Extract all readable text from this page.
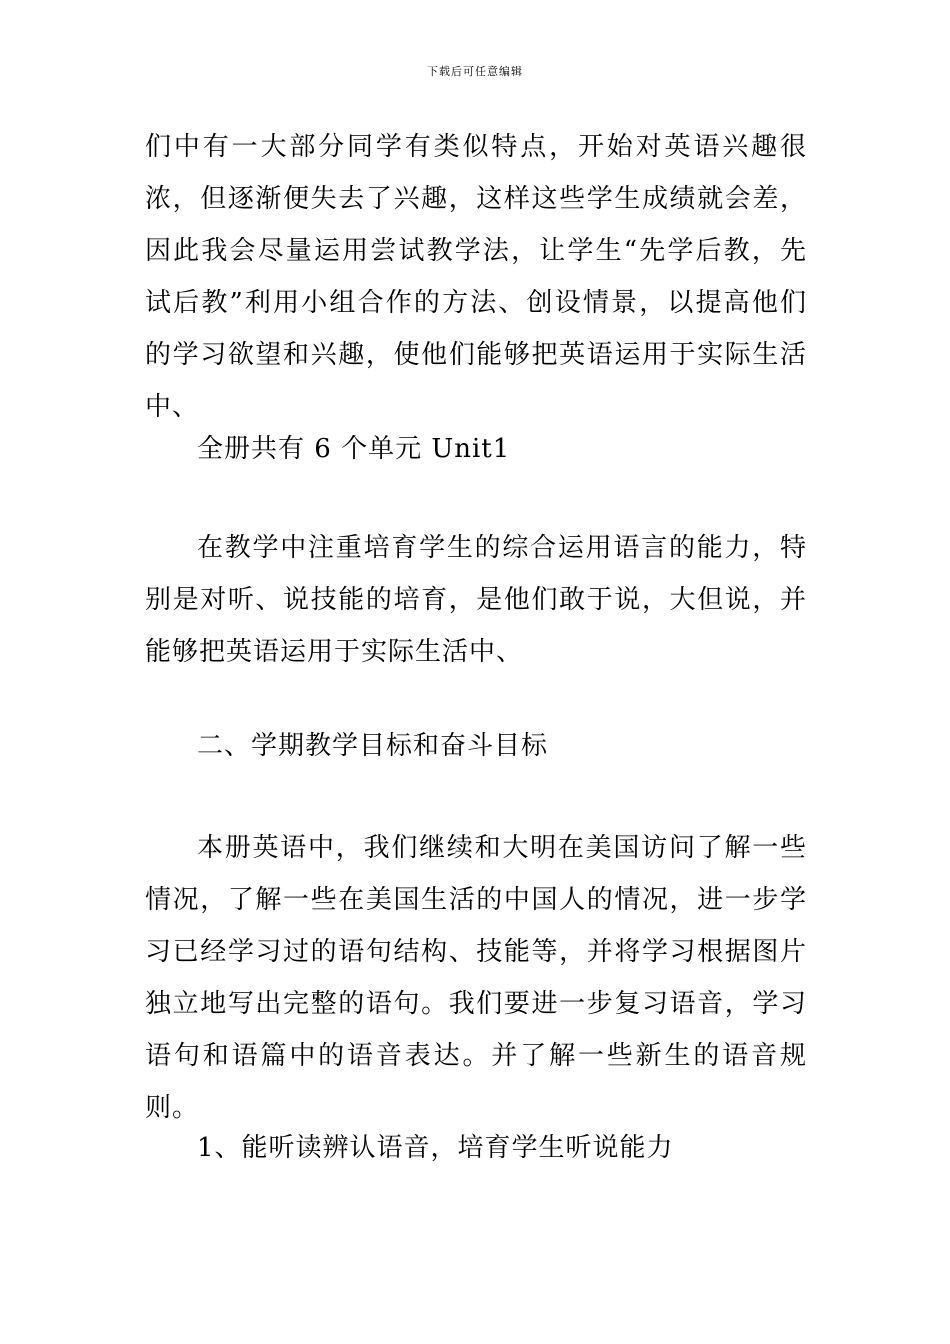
下载后可任意编辑

们中有一大部分同学有类似特点，开始对英语兴趣很浓，但逐渐便失去了兴趣，这样这些学生成绩就会差，因此我会尽量运用尝试教学法，让学生“先学后教，先试后教”利用小组合作的方法、创设情景，以提高他们的学习欲望和兴趣，使他们能够把英语运用于实际生活中、

全册共有 6 个单元 Unit1

在教学中注重培育学生的综合运用语言的能力，特别是对听、说技能的培育，是他们敢于说，大但说，并能够把英语运用于实际生活中、

二、学期教学目标和奋斗目标

本册英语中，我们继续和大明在美国访问了解一些情况，了解一些在美国生活的中国人的情况，进一步学习已经学习过的语句结构、技能等，并将学习根据图片独立地写出完整的语句。我们要进一步复习语音，学习语句和语篇中的语音表达。并了解一些新生的语音规则。

1、能听读辨认语音，培育学生听说能力
